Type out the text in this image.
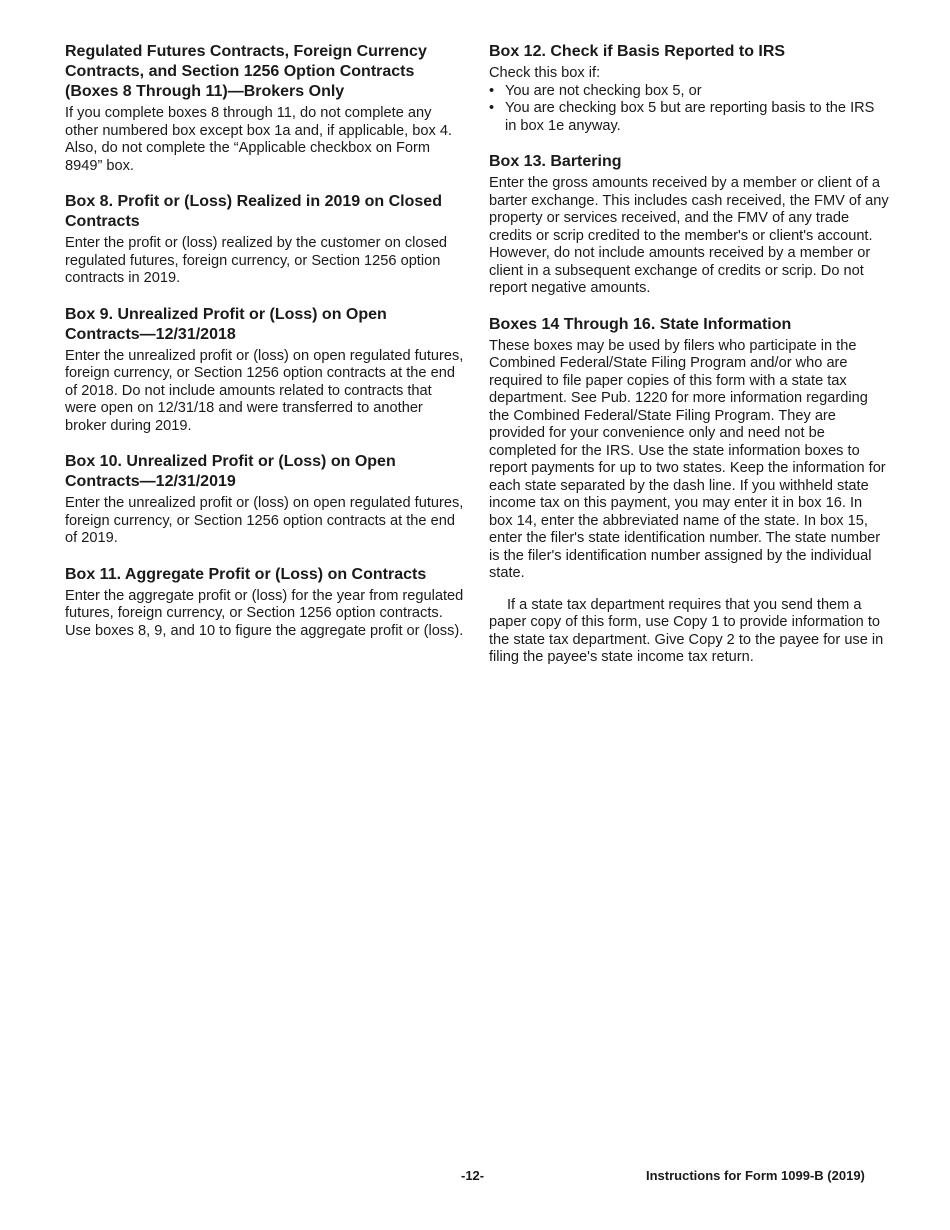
Regulated Futures Contracts, Foreign Currency Contracts, and Section 1256 Option Contracts (Boxes 8 Through 11)—Brokers Only

If you complete boxes 8 through 11, do not complete any other numbered box except box 1a and, if applicable, box 4. Also, do not complete the “Applicable checkbox on Form 8949” box.

Box 8. Profit or (Loss) Realized in 2019 on Closed Contracts

Enter the profit or (loss) realized by the customer on closed regulated futures, foreign currency, or Section 1256 option contracts in 2019.

Box 9. Unrealized Profit or (Loss) on Open Contracts—12/31/2018

Enter the unrealized profit or (loss) on open regulated futures, foreign currency, or Section 1256 option contracts at the end of 2018. Do not include amounts related to contracts that were open on 12/31/18 and were transferred to another broker during 2019.

Box 10. Unrealized Profit or (Loss) on Open Contracts—12/31/2019

Enter the unrealized profit or (loss) on open regulated futures, foreign currency, or Section 1256 option contracts at the end of 2019.

Box 11. Aggregate Profit or (Loss) on Contracts

Enter the aggregate profit or (loss) for the year from regulated futures, foreign currency, or Section 1256 option contracts. Use boxes 8, 9, and 10 to figure the aggregate profit or (loss).

Box 12. Check if Basis Reported to IRS

Check this box if:

• You are not checking box 5, or
• You are checking box 5 but are reporting basis to the IRS in box 1e anyway.
Box 13. Bartering

Enter the gross amounts received by a member or client of a barter exchange. This includes cash received, the FMV of any property or services received, and the FMV of any trade credits or scrip credited to the member's or client's account. However, do not include amounts received by a member or client in a subsequent exchange of credits or scrip. Do not report negative amounts.

Boxes 14 Through 16. State Information

These boxes may be used by filers who participate in the Combined Federal/State Filing Program and/or who are required to file paper copies of this form with a state tax department. See Pub. 1220 for more information regarding the Combined Federal/State Filing Program. They are provided for your convenience only and need not be completed for the IRS. Use the state information boxes to report payments for up to two states. Keep the information for each state separated by the dash line. If you withheld state income tax on this payment, you may enter it in box 16. In box 14, enter the abbreviated name of the state. In box 15, enter the filer's state identification number. The state number is the filer's identification number assigned by the individual state.

If a state tax department requires that you send them a paper copy of this form, use Copy 1 to provide information to the state tax department. Give Copy 2 to the payee for use in filing the payee's state income tax return.

-12-	Instructions for Form 1099-B (2019)
